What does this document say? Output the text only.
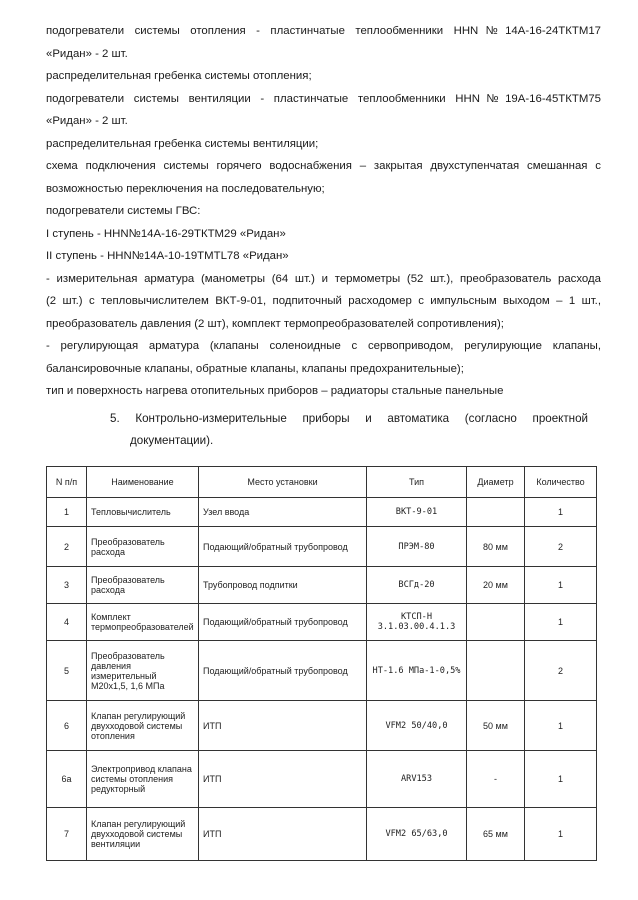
подогреватели системы отопления - пластинчатые теплообменники ННN№14А-16-24ТКТМ17
«Ридан» - 2 шт.
распределительная гребенка системы отопления;
подогреватели системы вентиляции - пластинчатые теплообменники ННN№19А-16-45ТКТМ75
«Ридан» - 2 шт.
распределительная гребенка системы вентиляции;
схема подключения системы горячего водоснабжения – закрытая двухступенчатая смешанная с
возможностью переключения на последовательную;
подогреватели системы ГВС:
I ступень - ННN№14А-16-29ТКТМ29 «Ридан»
II ступень - ННN№14А-10-19ТМТL78 «Ридан»
- измерительная арматура (манометры (64 шт.) и термометры (52 шт.), преобразователь расхода
(2 шт.) с тепловычислителем ВКТ-9-01, подпиточный расходомер с импульсным выходом – 1 шт.,
преобразователь давления (2 шт), комплект термопреобразователей сопротивления);
- регулирующая арматура (клапаны соленоидные с сервоприводом, регулирующие клапаны,
балансировочные клапаны, обратные клапаны, клапаны предохранительные);
тип и поверхность нагрева отопительных приборов – радиаторы стальные панельные
5. Контрольно-измерительные приборы и автоматика (согласно проектной
документации).
N п/п	Наименование	Место установки	Тип	Диаметр	Количество
1	Тепловычислитель	Узел ввода	ВКТ-9-01		1
2	Преобразователь расхода	Подающий/обратный трубопровод	ПРЭМ-80	80 мм	2
3	Преобразователь расхода	Трубопровод подпитки	ВСГд-20	20 мм	1
4	Комплект термопреобразователей	Подающий/обратный трубопровод	КТСП-Н 3.1.03.00.4.1.3		1
5	Преобразователь давления измерительный М20х1,5, 1,6 МПа	Подающий/обратный трубопровод	НТ-1.6 МПа-1-0,5%		2
6	Клапан регулирующий двухходовой системы отопления	ИТП	VFM2 50/40,0	50 мм	1
6а	Электропривод клапана системы отопления редукторный	ИТП	ARV153	-	1
7	Клапан регулирующий двухходовой системы вентиляции	ИТП	VFM2 65/63,0	65 мм	1
